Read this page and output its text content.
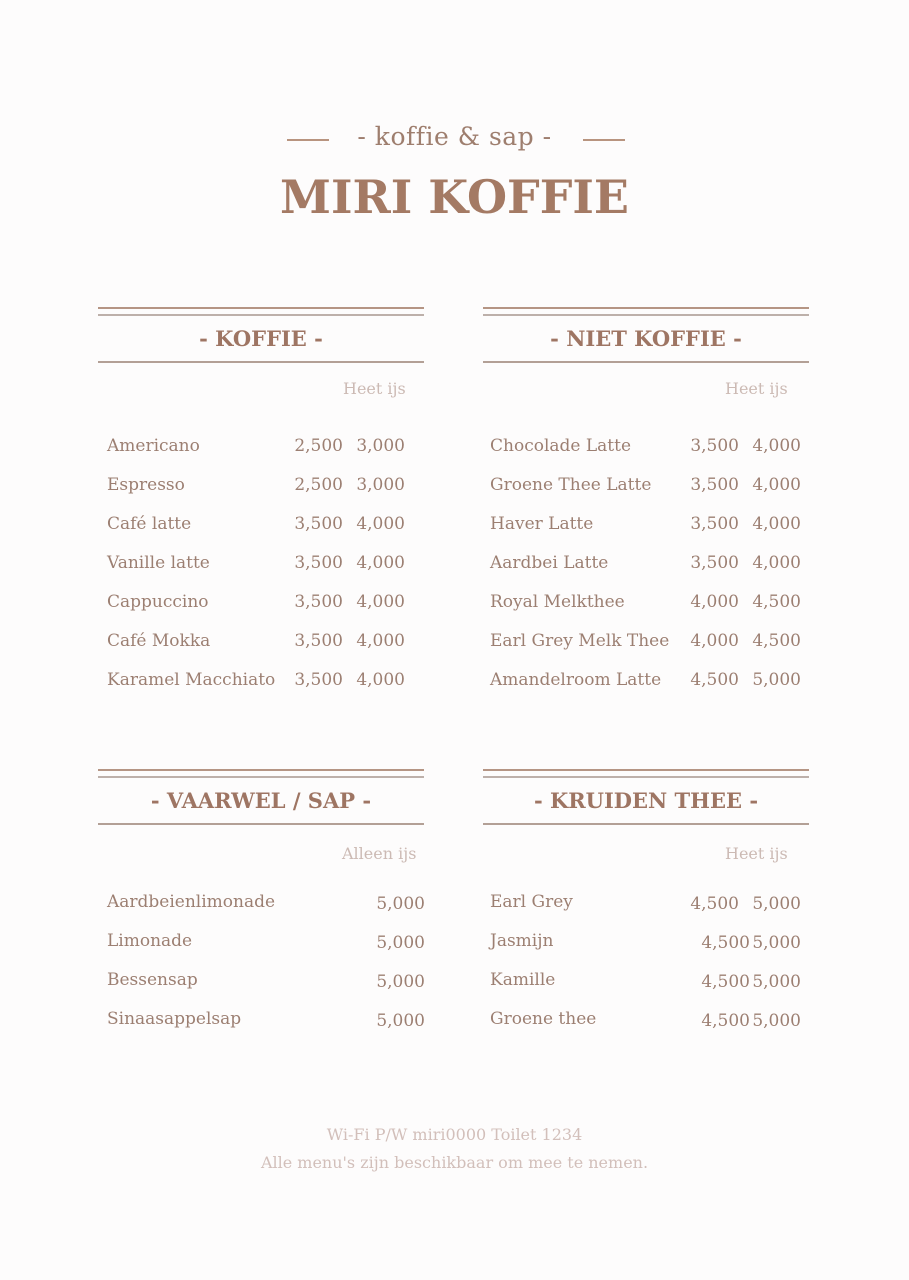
- koffie & sap -
MIRI KOFFIE
- KOFFIE -
Heet ijs
Americano	2,500 3,000
Espresso	2,500 3,000
Café latte	3,500 4,000
Vanille latte	3,500 4,000
Cappuccino	3,500 4,000
Café Mokka	3,500 4,000
Karamel Macchiato	3,500 4,000
- NIET KOFFIE -
Heet ijs
Chocolade Latte	3,500 4,000
Groene Thee Latte	3,500 4,000
Haver Latte	3,500 4,000
Aardbei Latte	3,500 4,000
Royal Melkthee	4,000 4,500
Earl Grey Melk Thee	4,000 4,500
Amandelroom Latte	4,500 5,000
- VAARWEL / SAP -
Alleen ijs
Aardbeienlimonade	5,000
Limonade	5,000
Bessensap	5,000
Sinaasappelsap	5,000
- KRUIDEN THEE -
Heet ijs
Earl Grey	4,500 5,000
Jasmijn	4,500 5,000
Kamille	4,500 5,000
Groene thee	4,500 5,000
Wi-Fi P/W miri0000 Toilet 1234
Alle menu's zijn beschikbaar om mee te nemen.
